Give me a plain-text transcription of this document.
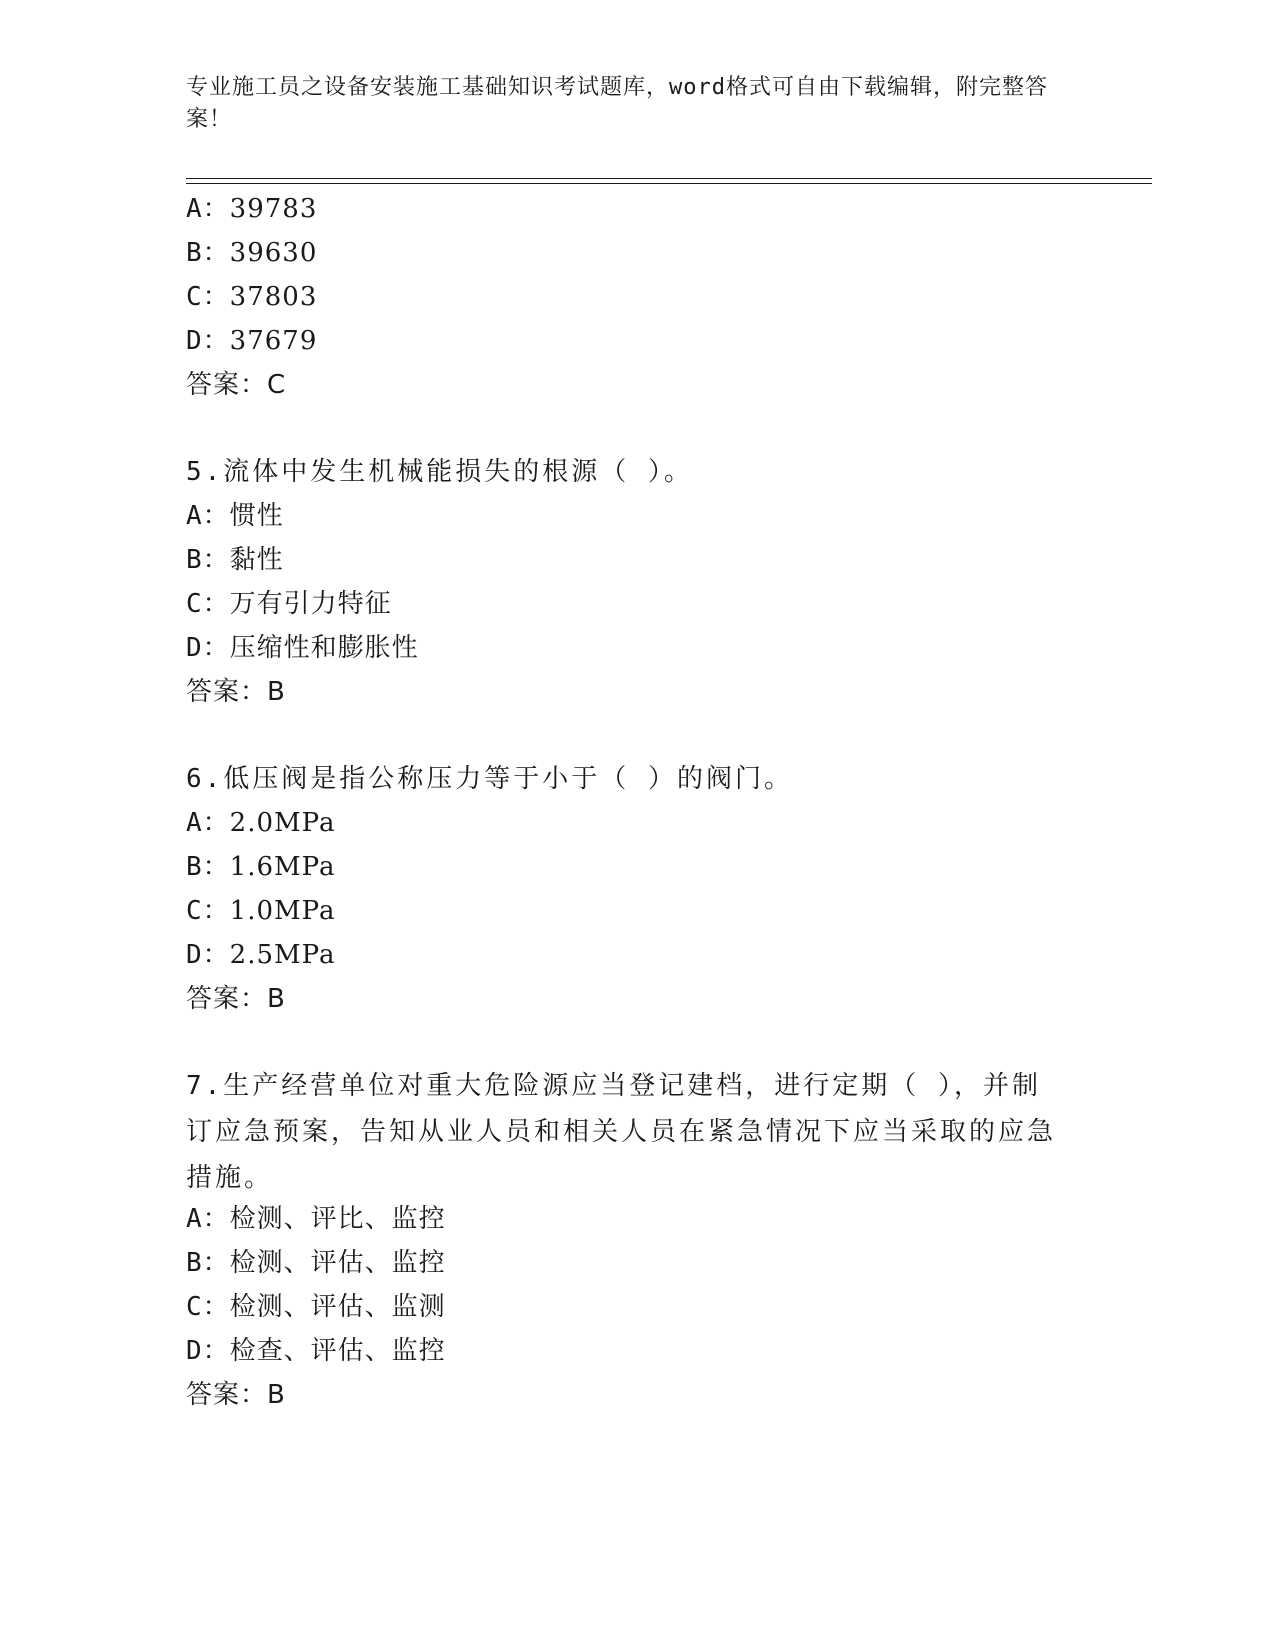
专业施工员之设备安装施工基础知识考试题库，word格式可自由下载编辑，附完整答案！
A：39783
B：39630
C：37803
D：37679
答案：C
5.流体中发生机械能损失的根源（ ）。
A：惯性
B：黏性
C：万有引力特征
D：压缩性和膨胀性
答案：B
6.低压阀是指公称压力等于小于（ ）的阀门。
A：2.0MPa
B：1.6MPa
C：1.0MPa
D：2.5MPa
答案：B
7.生产经营单位对重大危险源应当登记建档，进行定期（ ），并制订应急预案，告知从业人员和相关人员在紧急情况下应当采取的应急措施。
A：检测、评比、监控
B：检测、评估、监控
C：检测、评估、监测
D：检查、评估、监控
答案：B
